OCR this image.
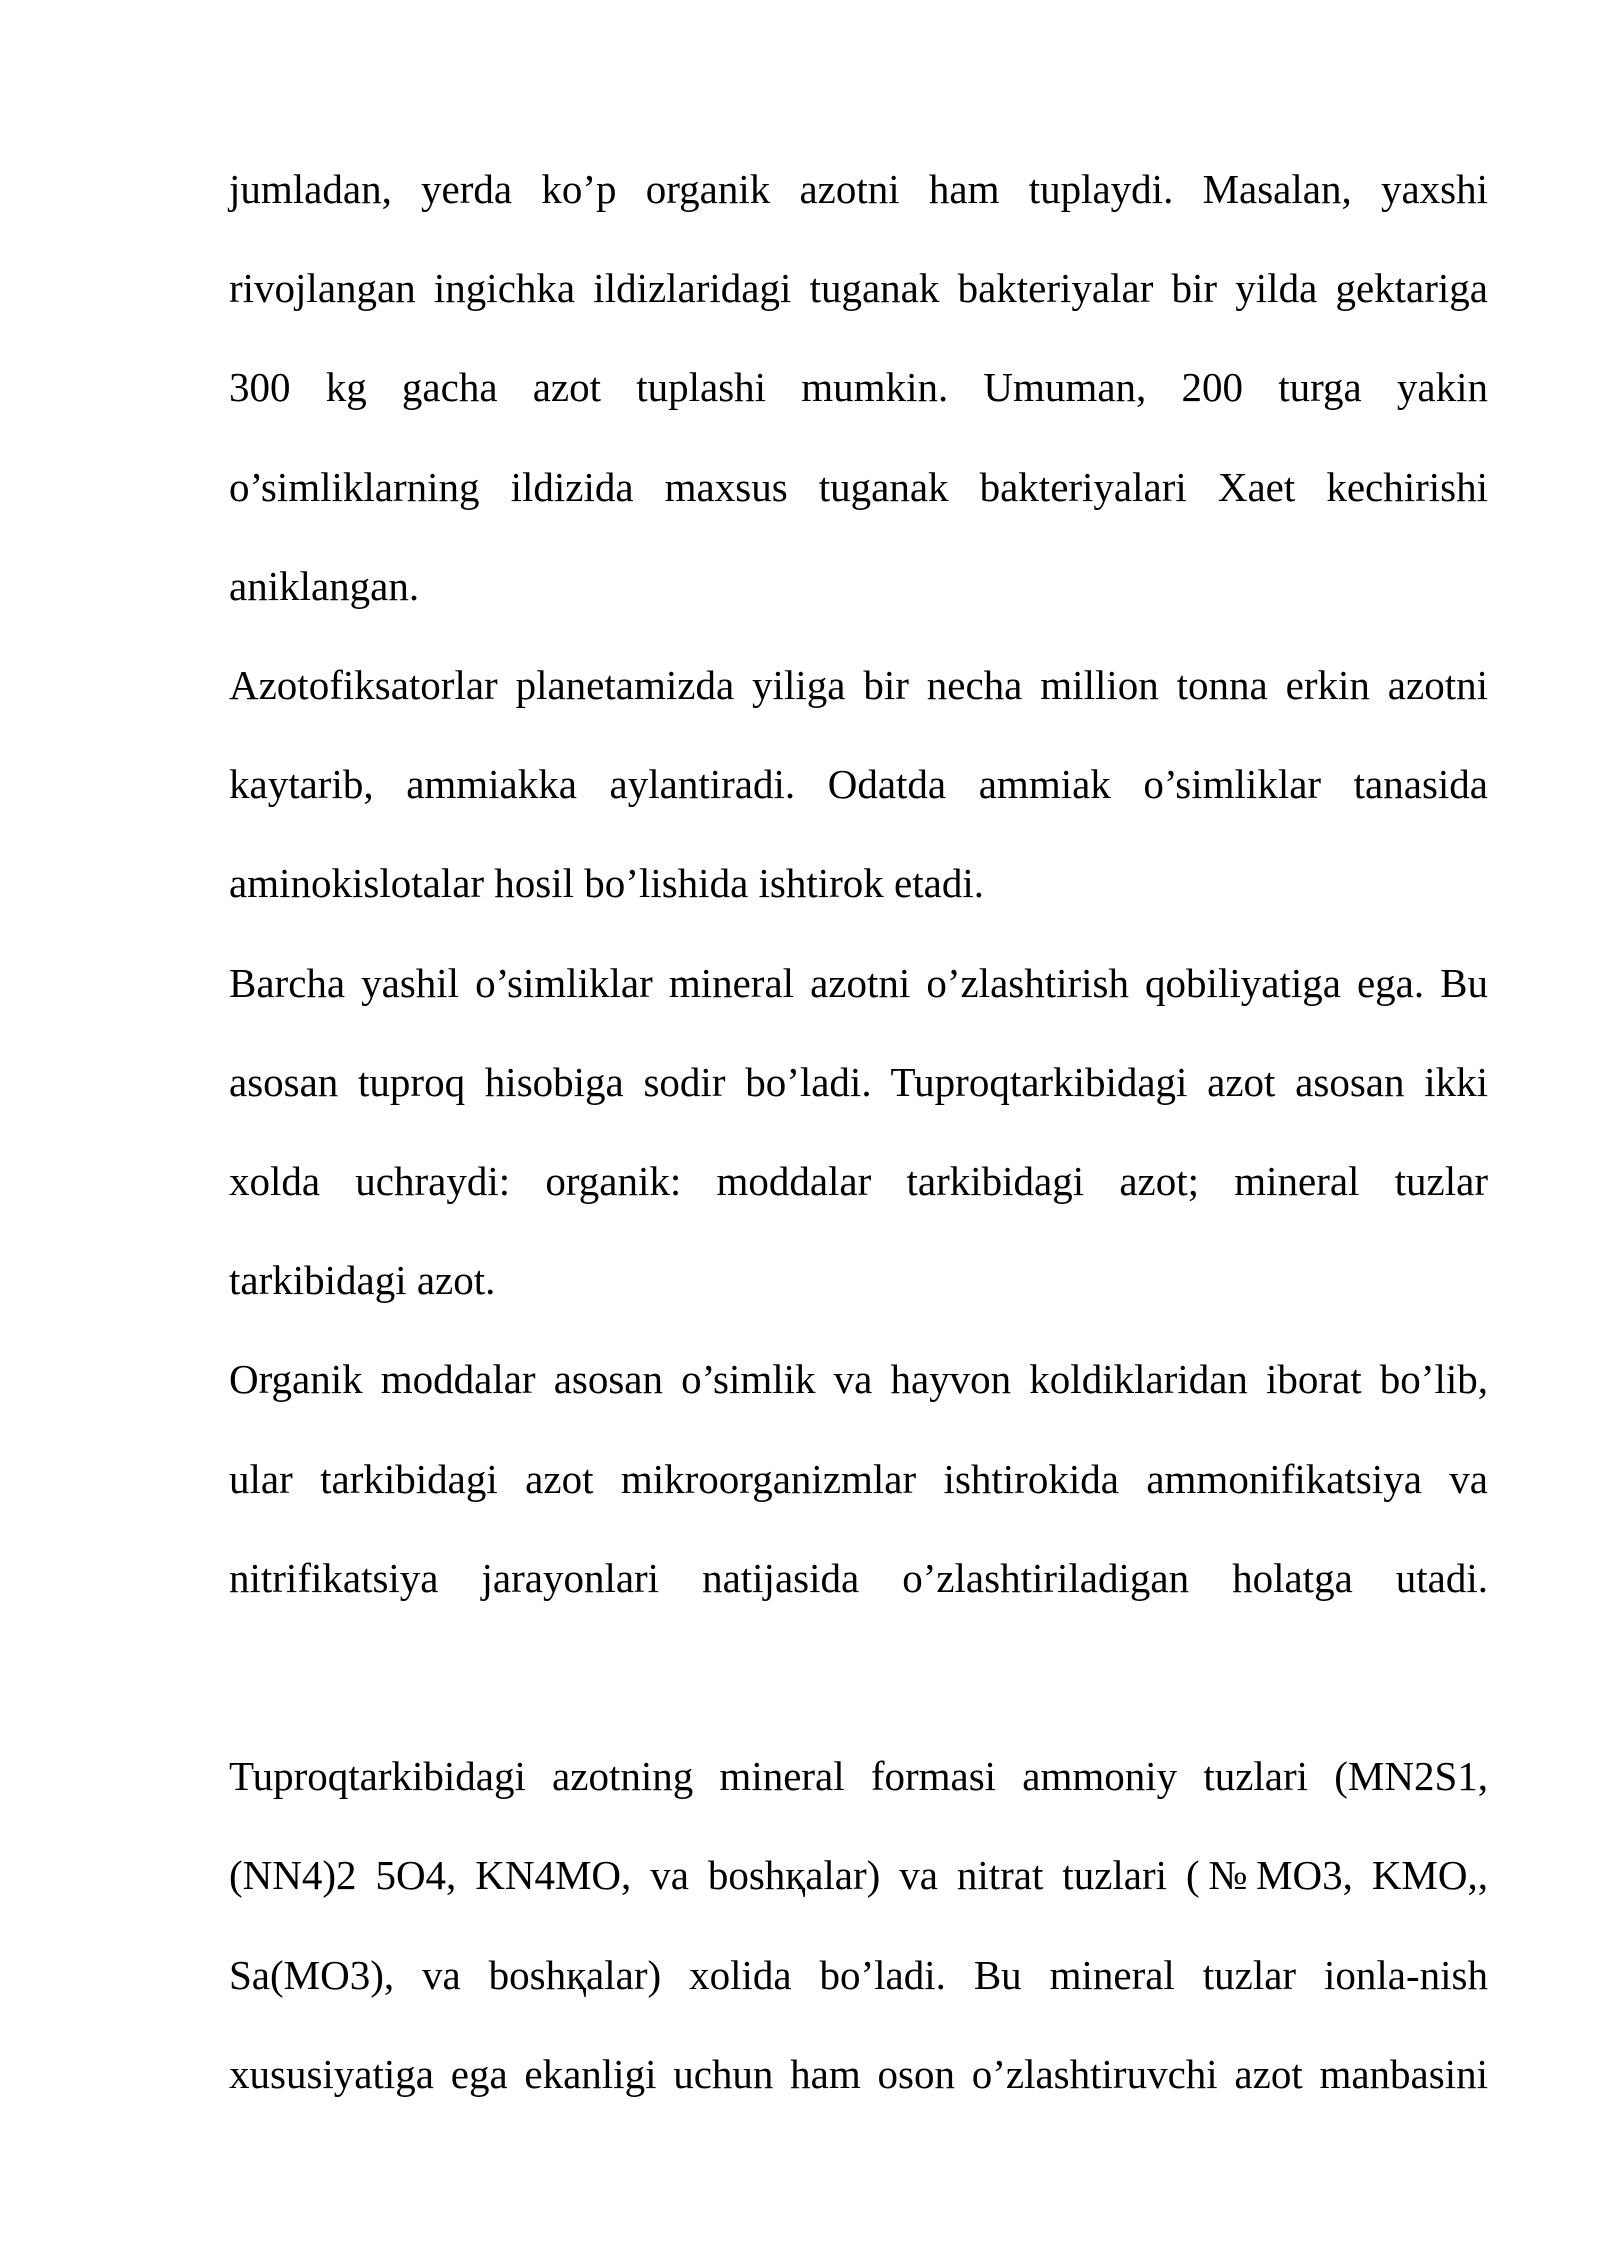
jumladan, yerda ko’p organik azotni ham tuplaydi. Masalan, yaxshi rivojlangan ingichka ildizlaridagi tuganak bakteriyalar bir yilda gektariga 300 kg gacha azot tuplashi mumkin. Umuman, 200 turga yakin o’simliklarning ildizida maxsus tuganak bakteriyalari Xaet kechirishi aniklangan.

Azotofiksatorlar planetamizda yiliga bir necha million tonna erkin azotni kaytarib, ammiakka aylantiradi. Odatda ammiak o’simliklar tanasida aminokislotalar hosil bo’lishida ishtirok etadi.

Barcha yashil o’simliklar mineral azotni o’zlashtirish qobiliyatiga ega. Bu asosan tuproq hisobiga sodir bo’ladi. Tuproqtarkibidagi azot asosan ikki xolda uchraydi: organik: moddalar tarkibidagi azot; mineral tuzlar tarkibidagi azot.

Organik moddalar asosan o’simlik va hayvon koldiklaridan iborat bo’lib, ular tarkibidagi azot mikroorganizmlar ishtirokida ammonifikatsiya va nitrifikatsiya jarayonlari natijasida o’zlashtiriladigan holatga utadi.

Tuproqtarkibidagi azotning mineral formasi ammoniy tuzlari (MN2S1, (NN4)2 5O4, KN4MO, va boshқalar) va nitrat tuzlari (№MO3, KMO,, Sa(MO3), va boshқalar) xolida bo’ladi. Bu mineral tuzlar ionla-nish xususiyatiga ega ekanligi uchun ham oson o’zlashtiruvchi azot manbasini
